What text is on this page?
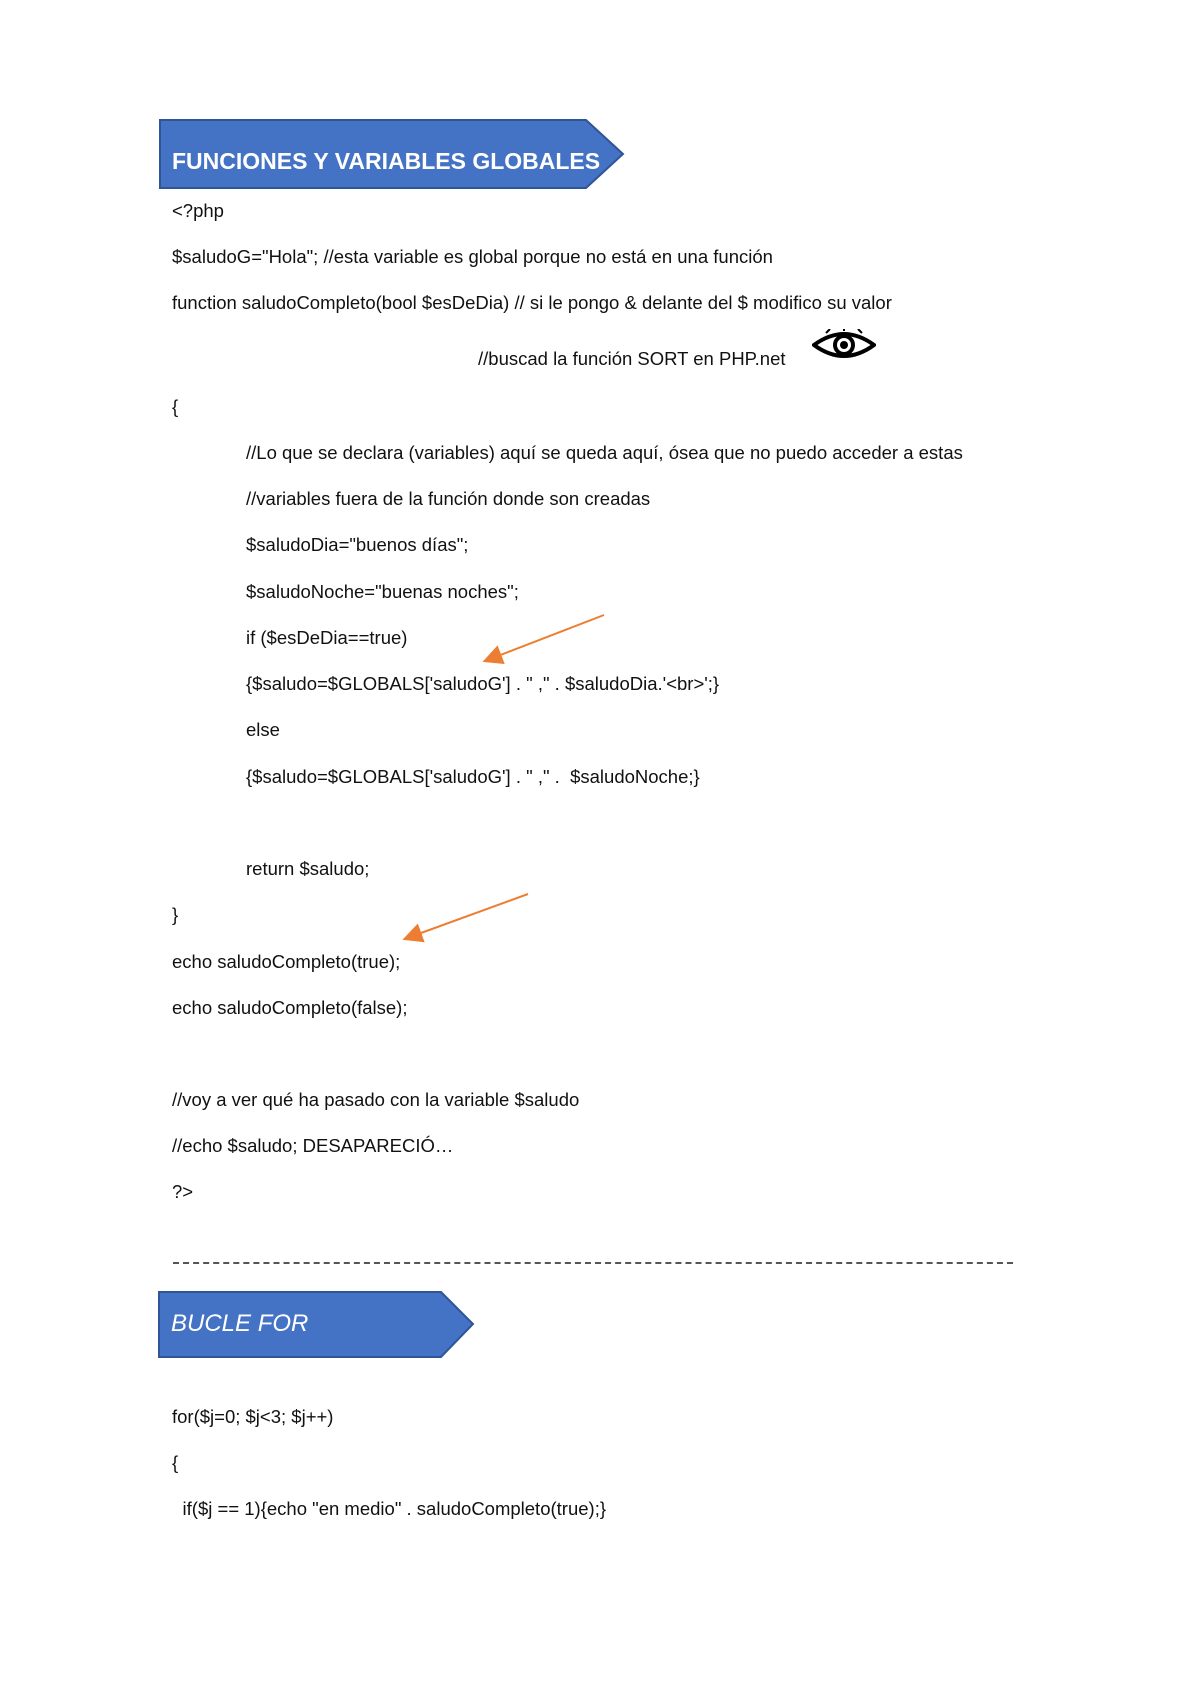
FUNCIONES Y VARIABLES GLOBALES
<?php
$saludoG="Hola"; //esta variable es global porque no está en una función
function saludoCompleto(bool $esDeDia) // si le pongo & delante del $ modifico su valor
//buscad la función SORT en PHP.net
{
//Lo que se declara (variables) aquí se queda aquí, ósea que no puedo acceder a estas
//variables fuera de la función donde son creadas
$saludoDia="buenos días";
$saludoNoche="buenas noches";
if ($esDeDia==true)
{$saludo=$GLOBALS['saludoG'] . " ," . $saludoDia.'<br>';}
else
{$saludo=$GLOBALS['saludoG'] . " ," .  $saludoNoche;}
return $saludo;
}
echo saludoCompleto(true);
echo saludoCompleto(false);
//voy a ver qué ha pasado con la variable $saludo
//echo $saludo; DESAPARECIÓ…
?>
BUCLE FOR
for($j=0; $j<3; $j++)
{
if($j == 1){echo "en medio" . saludoCompleto(true);}
